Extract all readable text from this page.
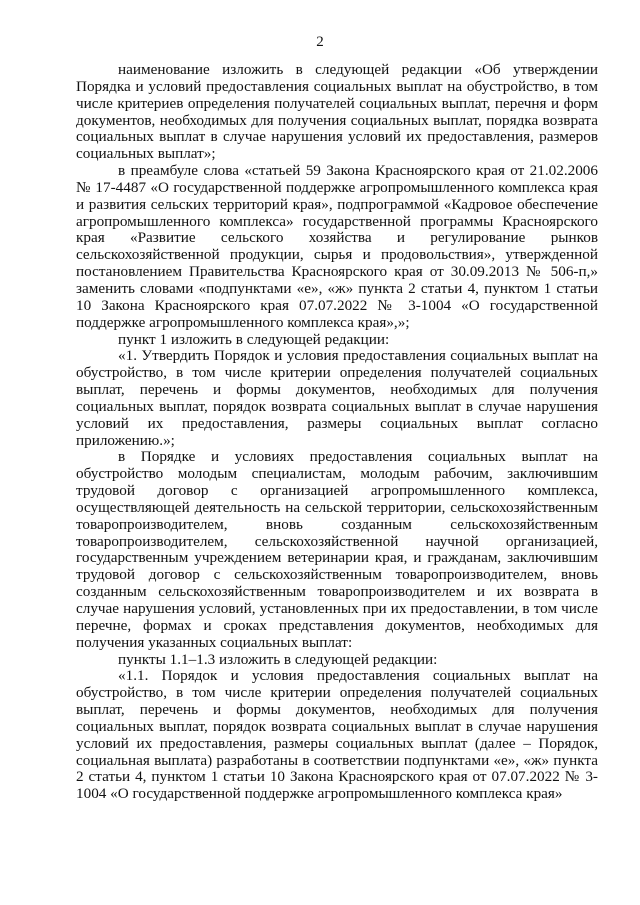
2

наименование изложить в следующей редакции «Об утверждении Порядка и условий предоставления социальных выплат на обустройство, в том числе критериев определения получателей социальных выплат, перечня и форм документов, необходимых для получения социальных выплат, порядка возврата социальных выплат в случае нарушения условий их предоставления, размеров социальных выплат»;

в преамбуле слова «статьей 59 Закона Красноярского края от 21.02.2006 № 17-4487 «О государственной поддержке агропромышленного комплекса края и развития сельских территорий края», подпрограммой «Кадровое обеспечение агропромышленного комплекса» государственной программы Красноярского края «Развитие сельского хозяйства и регулирование рынков сельскохозяйственной продукции, сырья и продовольствия», утвержденной постановлением Правительства Красноярского края от 30.09.2013 № 506-п,» заменить словами «подпунктами «е», «ж» пункта 2 статьи 4, пунктом 1 статьи 10 Закона Красноярского края 07.07.2022 № 3-1004 «О государственной поддержке агропромышленного комплекса края»,»;

пункт 1 изложить в следующей редакции:

«1. Утвердить Порядок и условия предоставления социальных выплат на обустройство, в том числе критерии определения получателей социальных выплат, перечень и формы документов, необходимых для получения социальных выплат, порядок возврата социальных выплат в случае нарушения условий их предоставления, размеры социальных выплат согласно приложению.»;

в Порядке и условиях предоставления социальных выплат на обустройство молодым специалистам, молодым рабочим, заключившим трудовой договор с организацией агропромышленного комплекса, осуществляющей деятельность на сельской территории, сельскохозяйственным товаропроизводителем, вновь созданным сельскохозяйственным товаропроизводителем, сельскохозяйственной научной организацией, государственным учреждением ветеринарии края, и гражданам, заключившим трудовой договор с сельскохозяйственным товаропроизводителем, вновь созданным сельскохозяйственным товаропроизводителем и их возврата в случае нарушения условий, установленных при их предоставлении, в том числе перечне, формах и сроках представления документов, необходимых для получения указанных социальных выплат:

пункты 1.1–1.3 изложить в следующей редакции:

«1.1. Порядок и условия предоставления социальных выплат на обустройство, в том числе критерии определения получателей социальных выплат, перечень и формы документов, необходимых для получения социальных выплат, порядок возврата социальных выплат в случае нарушения условий их предоставления, размеры социальных выплат (далее – Порядок, социальная выплата) разработаны в соответствии подпунктами «е», «ж» пункта 2 статьи 4, пунктом 1 статьи 10 Закона Красноярского края от 07.07.2022 № 3-1004 «О государственной поддержке агропромышленного комплекса края»
